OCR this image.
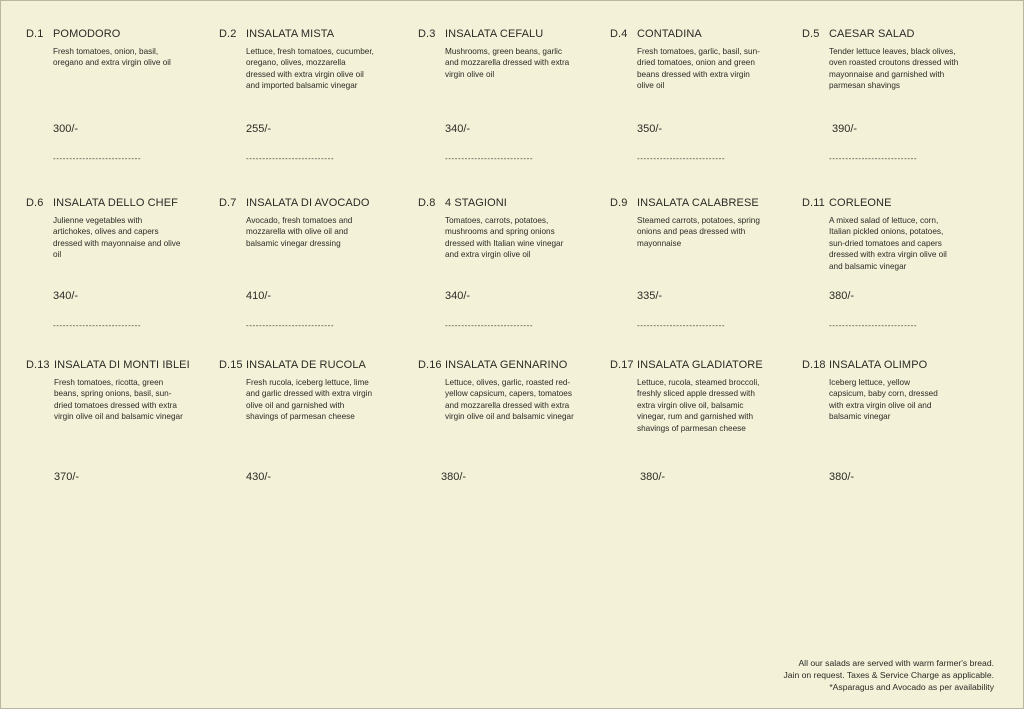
D.1 POMODORO
Fresh tomatoes, onion, basil, oregano and extra virgin olive oil
300/-
---------------------------
D.2 INSALATA MISTA
Lettuce, fresh tomatoes, cucumber, oregano, olives, mozzarella dressed with extra virgin olive oil and imported balsamic vinegar
255/-
---------------------------
D.3 INSALATA CEFALU
Mushrooms, green beans, garlic and mozzarella dressed with extra virgin olive oil
340/-
---------------------------
D.4 CONTADINA
Fresh tomatoes, garlic, basil, sun-dried tomatoes, onion and green beans dressed with extra virgin olive oil
350/-
---------------------------
D.5 CAESAR SALAD
Tender lettuce leaves, black olives, oven roasted croutons dressed with mayonnaise and garnished with parmesan shavings
390/-
---------------------------
D.6 INSALATA DELLO CHEF
Julienne vegetables with artichokes, olives and capers dressed with mayonnaise and olive oil
340/-
---------------------------
D.7 INSALATA DI AVOCADO
Avocado, fresh tomatoes and mozzarella with olive oil and balsamic vinegar dressing
410/-
---------------------------
D.8 4 STAGIONI
Tomatoes, carrots, potatoes, mushrooms and spring onions dressed with Italian wine vinegar and extra virgin olive oil
340/-
---------------------------
D.9 INSALATA CALABRESE
Steamed carrots, potatoes, spring onions and peas dressed with mayonnaise
335/-
---------------------------
D.11 CORLEONE
A mixed salad of lettuce, corn, Italian pickled onions, potatoes, sun-dried tomatoes and capers dressed with extra virgin olive oil and balsamic vinegar
380/-
---------------------------
D.13 INSALATA DI MONTI IBLEI
Fresh tomatoes, ricotta, green beans, spring onions, basil, sun-dried tomatoes dressed with extra virgin olive oil and balsamic vinegar
370/-
D.15 INSALATA DE RUCOLA
Fresh rucola, iceberg lettuce, lime and garlic dressed with extra virgin olive oil and garnished with shavings of parmesan cheese
430/-
D.16 INSALATA GENNARINO
Lettuce, olives, garlic, roasted red-yellow capsicum, capers, tomatoes and mozzarella dressed with extra virgin olive oil and balsamic vinegar
380/-
D.17 INSALATA GLADIATORE
Lettuce, rucola, steamed broccoli, freshly sliced apple dressed with extra virgin olive oil, balsamic vinegar, rum and garnished with shavings of parmesan cheese
380/-
D.18 INSALATA OLIMPO
Iceberg lettuce, yellow capsicum, baby corn, dressed with extra virgin olive oil and balsamic vinegar
380/-
All our salads are served with warm farmer's bread.
Jain on request. Taxes & Service Charge as applicable.
*Asparagus and Avocado as per availability
